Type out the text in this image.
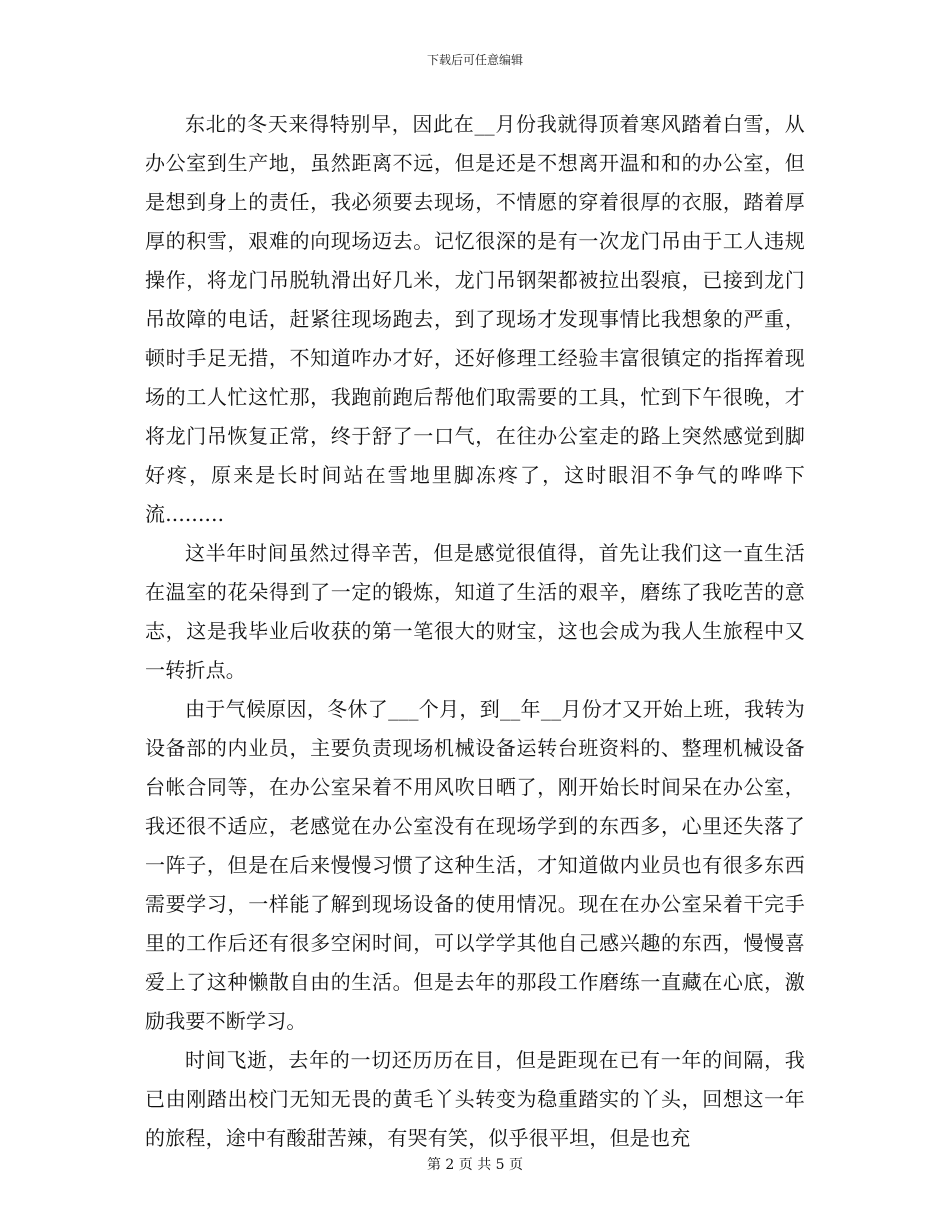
下载后可任意编辑

东北的冬天来得特别早，因此在__月份我就得顶着寒风踏着白雪，从办公室到生产地，虽然距离不远，但是还是不想离开温和和的办公室，但是想到身上的责任，我必须要去现场，不情愿的穿着很厚的衣服，踏着厚厚的积雪，艰难的向现场迈去。记忆很深的是有一次龙门吊由于工人违规操作，将龙门吊脱轨滑出好几米，龙门吊钢架都被拉出裂痕，已接到龙门吊故障的电话，赶紧往现场跑去，到了现场才发现事情比我想象的严重，顿时手足无措，不知道咋办才好，还好修理工经验丰富很镇定的指挥着现场的工人忙这忙那，我跑前跑后帮他们取需要的工具，忙到下午很晚，才将龙门吊恢复正常，终于舒了一口气，在往办公室走的路上突然感觉到脚好疼，原来是长时间站在雪地里脚冻疼了，这时眼泪不争气的哗哗下流.........

这半年时间虽然过得辛苦，但是感觉很值得，首先让我们这一直生活在温室的花朵得到了一定的锻炼，知道了生活的艰辛，磨练了我吃苦的意志，这是我毕业后收获的第一笔很大的财宝，这也会成为我人生旅程中又一转折点。

由于气候原因，冬休了___个月，到__年__月份才又开始上班，我转为设备部的内业员，主要负责现场机械设备运转台班资料的、整理机械设备台帐合同等，在办公室呆着不用风吹日晒了，刚开始长时间呆在办公室，我还很不适应，老感觉在办公室没有在现场学到的东西多，心里还失落了一阵子，但是在后来慢慢习惯了这种生活，才知道做内业员也有很多东西需要学习，一样能了解到现场设备的使用情况。现在在办公室呆着干完手里的工作后还有很多空闲时间，可以学学其他自己感兴趣的东西，慢慢喜爱上了这种懒散自由的生活。但是去年的那段工作磨练一直藏在心底，激励我要不断学习。

时间飞逝，去年的一切还历历在目，但是距现在已有一年的间隔，我已由刚踏出校门无知无畏的黄毛丫头转变为稳重踏实的丫头，回想这一年的旅程，途中有酸甜苦辣，有哭有笑，似乎很平坦，但是也充

第 2 页 共 5 页
